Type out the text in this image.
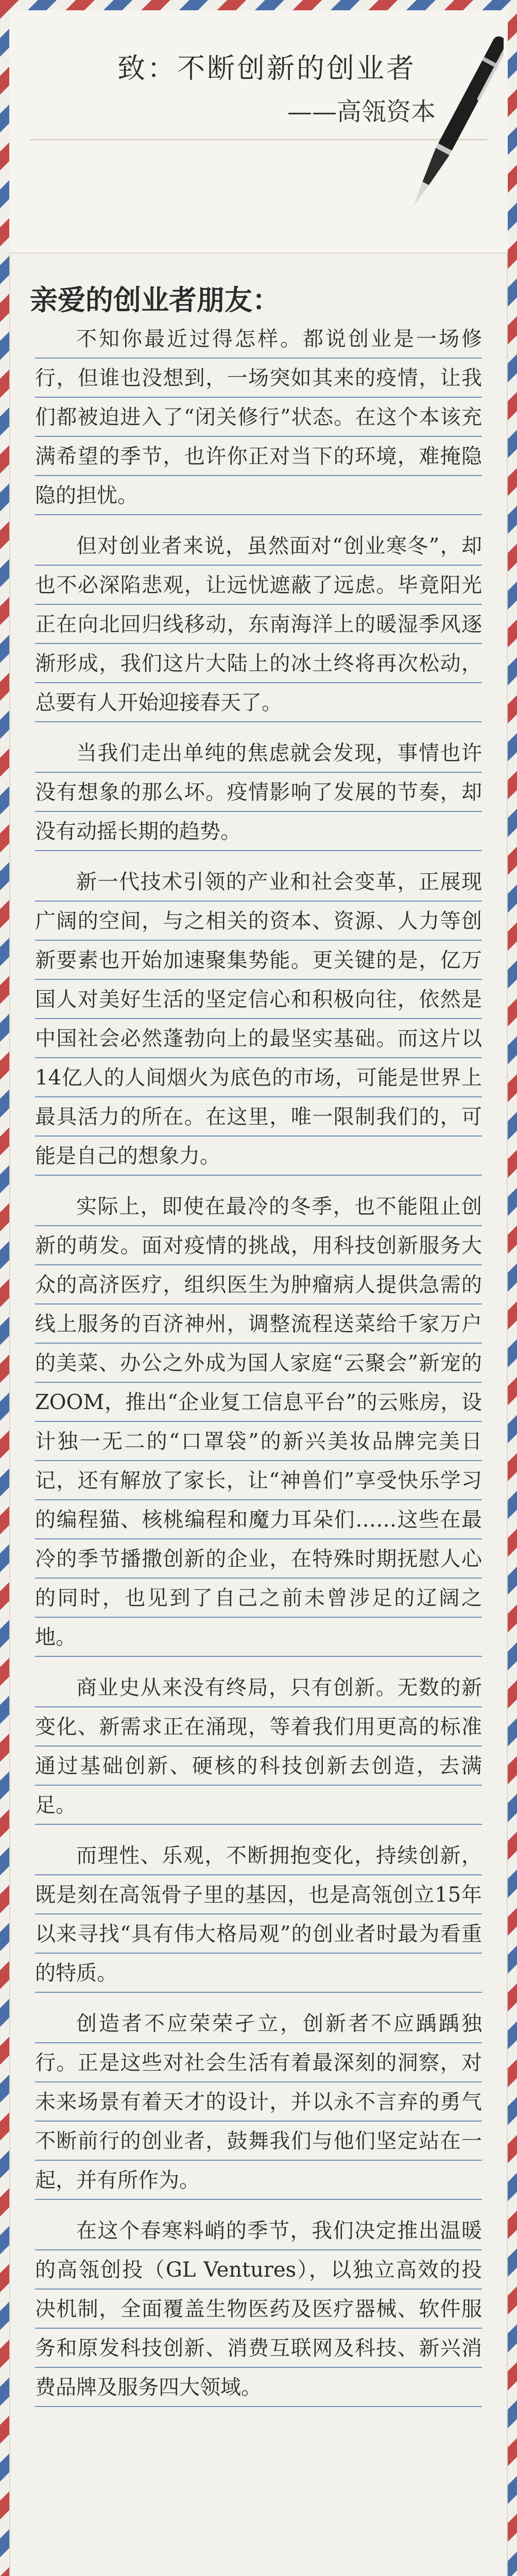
致：不断创新的创业者
——高瓴资本
亲爱的创业者朋友：

不知你最近过得怎样。都说创业是一场修行，但谁也没想到，一场突如其来的疫情，让我们都被迫进入了“闭关修行”状态。在这个本该充满希望的季节，也许你正对当下的环境，难掩隐隐的担忧。

但对创业者来说，虽然面对“创业寒冬”，却也不必深陷悲观，让远忧遮蔽了远虑。毕竟阳光正在向北回归线移动，东南海洋上的暖湿季风逐渐形成，我们这片大陆上的冰土终将再次松动，总要有人开始迎接春天了。

当我们走出单纯的焦虑就会发现，事情也许没有想象的那么坏。疫情影响了发展的节奏，却没有动摇长期的趋势。

新一代技术引领的产业和社会变革，正展现广阔的空间，与之相关的资本、资源、人力等创新要素也开始加速聚集势能。更关键的是，亿万国人对美好生活的坚定信心和积极向往，依然是中国社会必然蓬勃向上的最坚实基础。而这片以14亿人的人间烟火为底色的市场，可能是世界上最具活力的所在。在这里，唯一限制我们的，可能是自己的想象力。

实际上，即使在最冷的冬季，也不能阻止创新的萌发。面对疫情的挑战，用科技创新服务大众的高济医疗，组织医生为肿瘤病人提供急需的线上服务的百济神州，调整流程送菜给千家万户的美菜、办公之外成为国人家庭“云聚会”新宠的ZOOM，推出“企业复工信息平台”的云账房，设计独一无二的“口罩袋”的新兴美妆品牌完美日记，还有解放了家长，让“神兽们”享受快乐学习的编程猫、核桃编程和魔力耳朵们……这些在最冷的季节播撒创新的企业，在特殊时期抚慰人心的同时，也见到了自己之前未曾涉足的辽阔之地。

商业史从来没有终局，只有创新。无数的新变化、新需求正在涌现，等着我们用更高的标准通过基础创新、硬核的科技创新去创造，去满足。

而理性、乐观，不断拥抱变化，持续创新，既是刻在高瓴骨子里的基因，也是高瓴创立15年以来寻找“具有伟大格局观”的创业者时最为看重的特质。

创造者不应荣荣孑立，创新者不应踽踽独行。正是这些对社会生活有着最深刻的洞察，对未来场景有着天才的设计，并以永不言弃的勇气不断前行的创业者，鼓舞我们与他们坚定站在一起，并有所作为。

在这个春寒料峭的季节，我们决定推出温暖的高瓴创投（GL Ventures），以独立高效的投决机制，全面覆盖生物医药及医疗器械、软件服务和原发科技创新、消费互联网及科技、新兴消费品牌及服务四大领域。
